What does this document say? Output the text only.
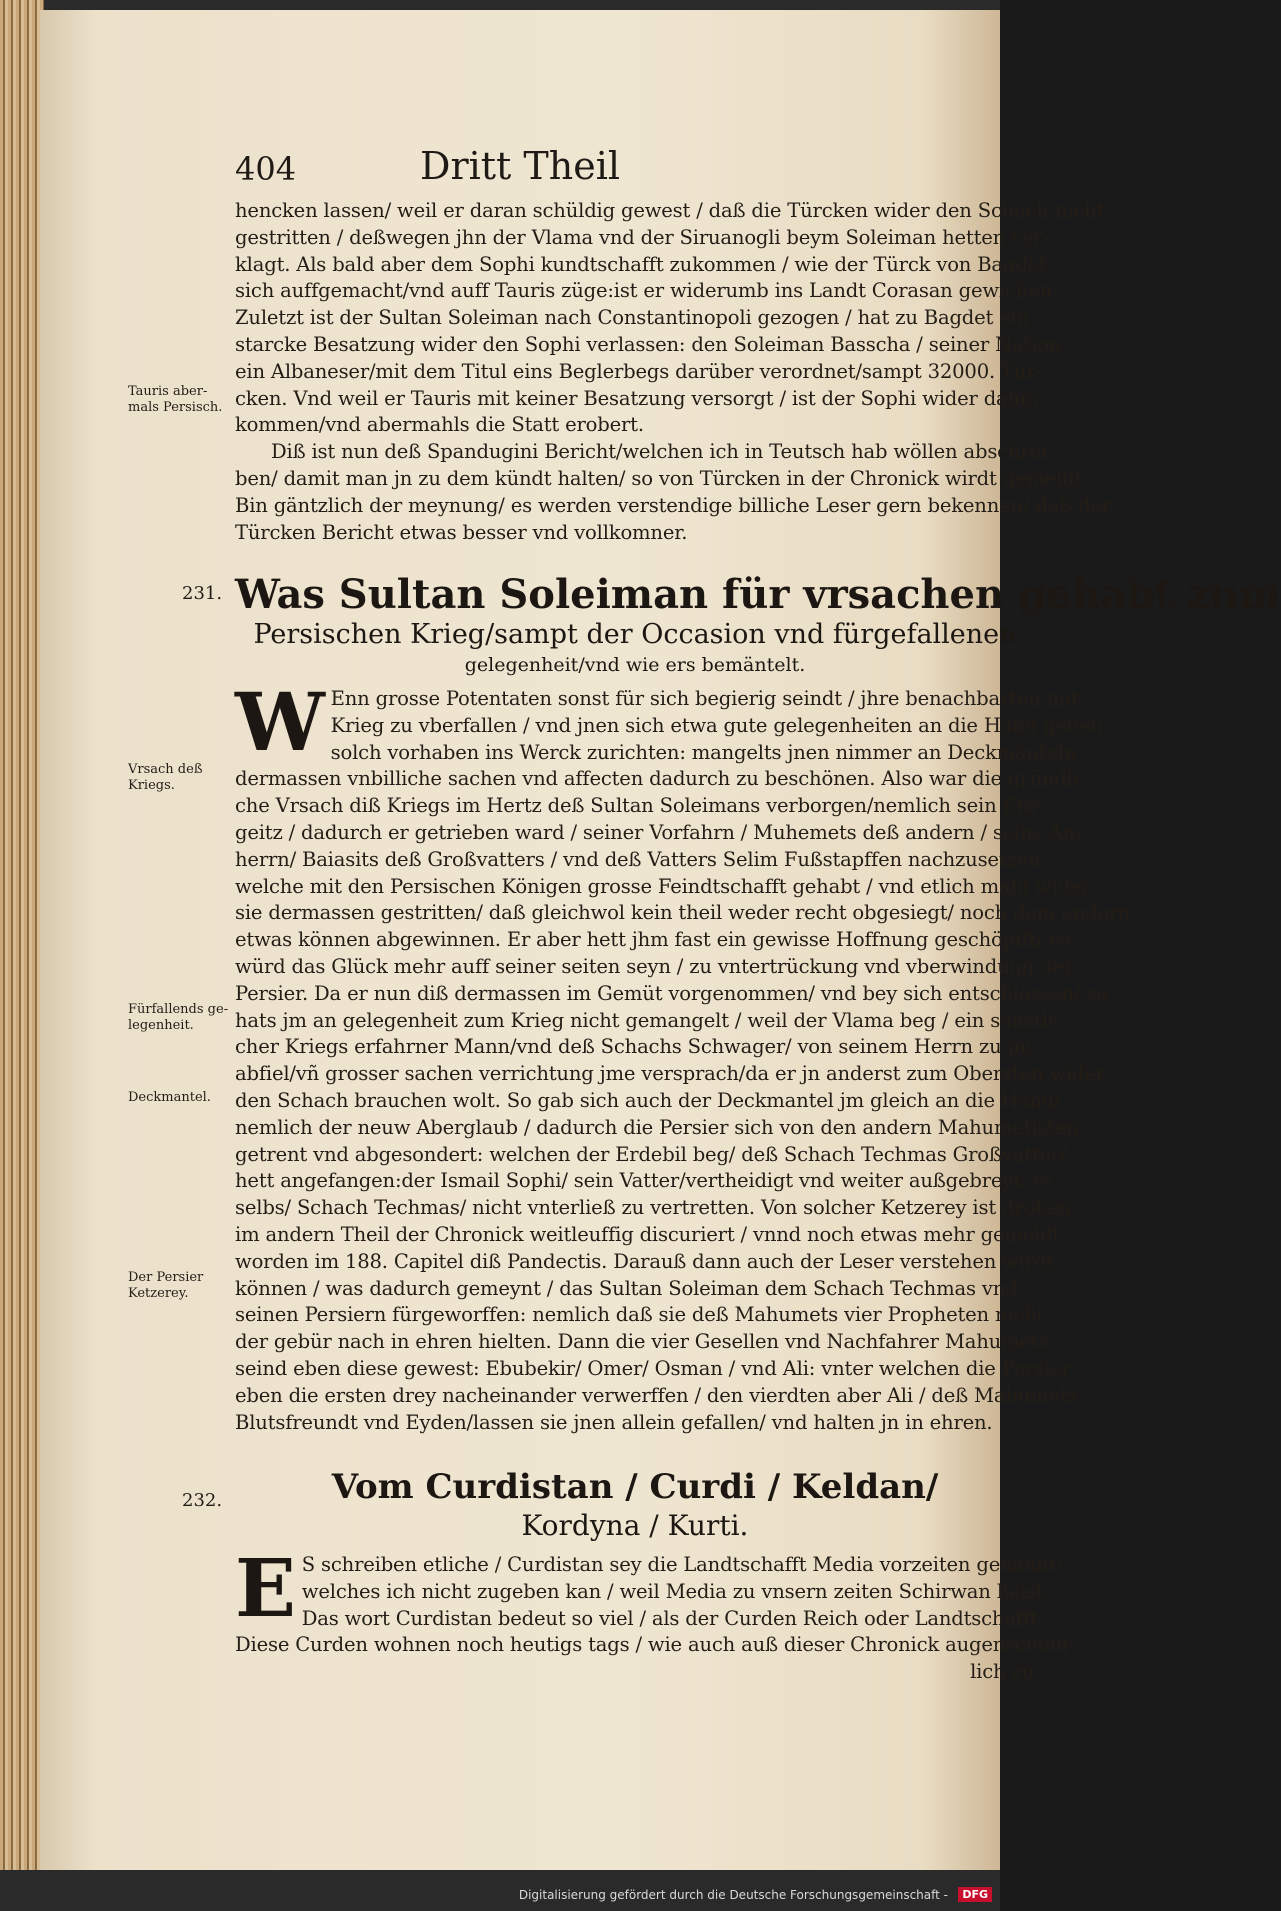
404	Dritt Theil

hencken lassen/ weil er daran schüldig gewest / daß die Türcken wider den Schach nicht

gestritten / deßwegen jhn der Vlama vnd der Siruanogli beym Soleiman hetten ver-

klagt. Als bald aber dem Sophi kundtschafft zukommen / wie der Türck von Bagdet

sich auffgemacht/vnd auff Tauris züge:ist er widerumb ins Landt Corasan gewichen.

Zuletzt ist der Sultan Soleiman nach Constantinopoli gezogen / hat zu Bagdet ein

starcke Besatzung wider den Sophi verlassen: den Soleiman Basscha / seiner Nation

ein Albaneser/mit dem Titul eins Beglerbegs darüber verordnet/sampt 32000. Tür-

cken. Vnd weil er Tauris mit keiner Besatzung versorgt / ist der Sophi wider dahin

kommen/vnd abermahls die Statt erobert.

Diß ist nun deß Spandugini Bericht/welchen ich in Teutsch hab wöllen abschrei-

ben/ damit man jn zu dem kündt halten/ so von Türcken in der Chronick wirdt gemeldt.

Bin gäntzlich der meynung/ es werden verstendige billiche Leser gern bekennen/ daß der

Türcken Bericht etwas besser vnd vollkomner.

Tauris aber-
mals Persisch.
231. Was Sultan Soleiman für vrsachen gehabt zum
Persischen Krieg/sampt der Occasion vnd fürgefallenen
gelegenheit/vnd wie ers bemäntelt.
W Enn grosse Potentaten sonst für sich begierig seindt / jhre benachbarten mit

Krieg zu vberfallen / vnd jnen sich etwa gute gelegenheiten an die Hand geben

solch vorhaben ins Werck zurichten: mangelts jnen nimmer an Deckmänteln

dermassen vnbilliche sachen vnd affecten dadurch zu beschönen. Also war die gründli-

che Vrsach diß Kriegs im Hertz deß Sultan Soleimans verborgen/nemlich sein Ehr-

geitz / dadurch er getrieben ward / seiner Vorfahrn / Muhemets deß andern / seins An-

herrn/ Baiasits deß Großvatters / vnd deß Vatters Selim Fußstapffen nachzusetzen

welche mit den Persischen Königen grosse Feindtschafft gehabt / vnd etlich mahl wider

sie dermassen gestritten/ daß gleichwol kein theil weder recht obgesiegt/ noch dem andern

etwas können abgewinnen. Er aber hett jhm fast ein gewisse Hoffnung geschöpfft/ es

würd das Glück mehr auff seiner seiten seyn / zu vntertrückung vnd vberwindung der

Persier. Da er nun diß dermassen im Gemüt vorgenommen/ vnd bey sich entschlossen/ so

hats jm an gelegenheit zum Krieg nicht gemangelt / weil der Vlama beg / ein sonstli-

cher Kriegs erfahrner Mann/vnd deß Schachs Schwager/ von seinem Herrn zu jm

abfiel/vñ grosser sachen verrichtung jme versprach/da er jn anderst zum Obersten wider

den Schach brauchen wolt. So gab sich auch der Deckmantel jm gleich an die Hand/

nemlich der neuw Aberglaub / dadurch die Persier sich von den andern Mahumetisten

getrent vnd abgesondert: welchen der Erdebil beg/ deß Schach Techmas Großvatter/

hett angefangen:der Ismail Sophi/ sein Vatter/vertheidigt vnd weiter außgebreyt: er

selbs/ Schach Techmas/ nicht vnterließ zu vertretten. Von solcher Ketzerey ist droben

im andern Theil der Chronick weitleuffig discuriert / vnnd noch etwas mehr gemeldt

worden im 188. Capitel diß Pandectis. Darauß dann auch der Leser verstehen wirdt

können / was dadurch gemeynt / das Sultan Soleiman dem Schach Techmas vnd

seinen Persiern fürgeworffen: nemlich daß sie deß Mahumets vier Propheten nicht

der gebür nach in ehren hielten. Dann die vier Gesellen vnd Nachfahrer Mahumets

seind eben diese gewest: Ebubekir/ Omer/ Osman / vnd Ali: vnter welchen die Persier

eben die ersten drey nacheinander verwerffen / den vierdten aber Ali / deß Mahumets

Blutsfreundt vnd Eyden/lassen sie jnen allein gefallen/ vnd halten jn in ehren.

Vrsach deß
Kriegs.
Fürfallends ge-
legenheit.
Deckmantel.
Der Persier
Ketzerey.
232.	Vom Curdistan / Curdi / Keldan/
Kordyna / Kurti.
E S schreiben etliche / Curdistan sey die Landtschafft Media vorzeiten genannt/

welches ich nicht zugeben kan / weil Media zu vnsern zeiten Schirwan heist.

Das wort Curdistan bedeut so viel / als der Curden Reich oder Landtschafft.

Diese Curden wohnen noch heutigs tags / wie auch auß dieser Chronick augenschein-

lich zu

Digitalisierung gefördert durch die Deutsche Forschungsgemeinschaft -	DFG
